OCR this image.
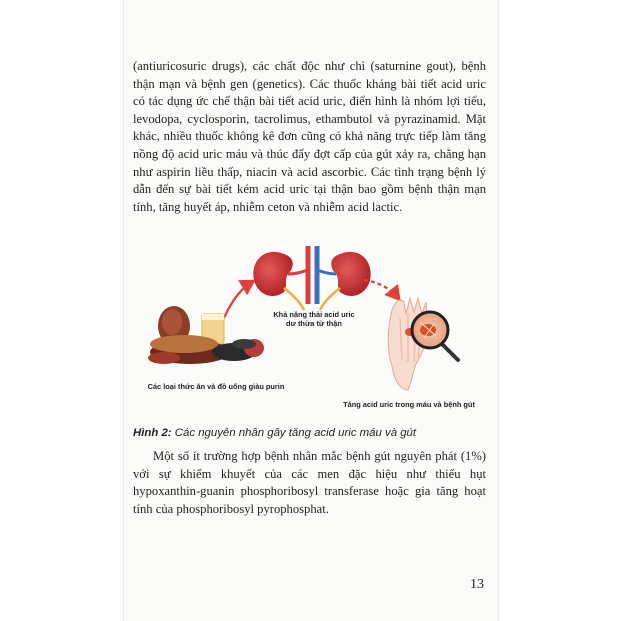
(antiuricosuric drugs), các chất độc như chì (saturnine gout), bệnh thận mạn và bệnh gen (genetics). Các thuốc kháng bài tiết acid uric có tác dụng ức chế thận bài tiết acid uric, điển hình là nhóm lợi tiểu, levodopa, cyclosporin, tacrolimus, ethambutol và pyrazinamid. Mặt khác, nhiều thuốc không kê đơn cũng có khả năng trực tiếp làm tăng nồng độ acid uric máu và thúc đẩy đợt cấp của gút xảy ra, chẳng hạn như aspirin liều thấp, niacin và acid ascorbic. Các tình trạng bệnh lý dẫn đến sự bài tiết kém acid uric tại thận bao gồm bệnh thận mạn tính, tăng huyết áp, nhiễm ceton và nhiễm acid lactic.

Khả năng thải acid uric
dư thừa từ thận
Các loại thức ăn và đồ uống giàu purin
Tăng acid uric trong máu và bệnh gút

Hình 2: Các nguyên nhân gây tăng acid uric máu và gút

Một số ít trường hợp bệnh nhân mắc bệnh gút nguyên phát (1%) với sự khiếm khuyết của các men đặc hiệu như thiếu hụt hypoxanthin-guanin phosphoribosyl transferase hoặc gia tăng hoạt tính của phosphoribosyl pyrophosphat.

13
